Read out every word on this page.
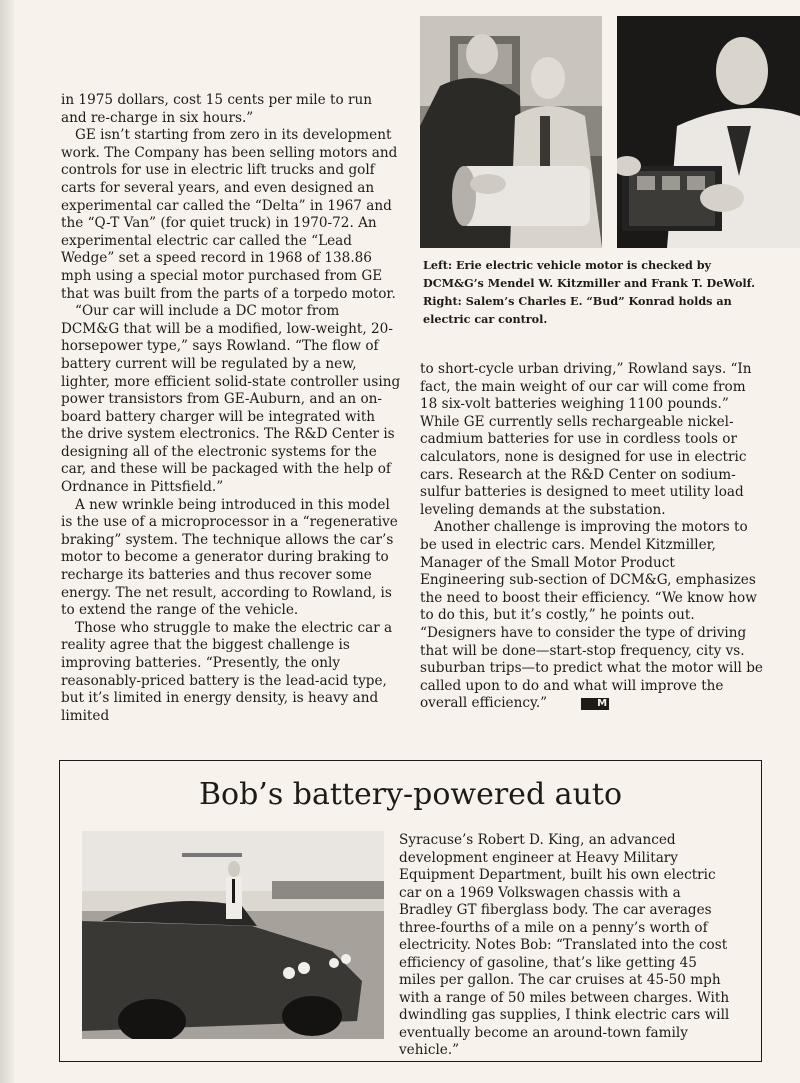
in 1975 dollars, cost 15 cents per mile to run and re-charge in six hours.”

GE isn’t starting from zero in its development work. The Company has been selling motors and controls for use in electric lift trucks and golf carts for several years, and even designed an experimental car called the “Delta” in 1967 and the “Q-T Van” (for quiet truck) in 1970-72. An experimental electric car called the “Lead Wedge” set a speed record in 1968 of 138.86 mph using a special motor purchased from GE that was built from the parts of a torpedo motor.

“Our car will include a DC motor from DCM&G that will be a modified, low-weight, 20-horsepower type,” says Rowland. “The flow of battery current will be regulated by a new, lighter, more efficient solid-state controller using power transistors from GE-Auburn, and an on-board battery charger will be integrated with the drive system electronics. The R&D Center is designing all of the electronic systems for the car, and these will be packaged with the help of Ordnance in Pittsfield.”

A new wrinkle being introduced in this model is the use of a microprocessor in a “regenerative braking” system. The technique allows the car’s motor to become a generator during braking to recharge its batteries and thus recover some energy. The net result, according to Rowland, is to extend the range of the vehicle.

Those who struggle to make the electric car a reality agree that the biggest challenge is improving batteries. “Presently, the only reasonably-priced battery is the lead-acid type, but it’s limited in energy density, is heavy and limited

Left: Erie electric vehicle motor is checked by DCM&G’s Mendel W. Kitzmiller and Frank T. DeWolf. Right: Salem’s Charles E. “Bud” Konrad holds an electric car control.

to short-cycle urban driving,” Rowland says. “In fact, the main weight of our car will come from 18 six-volt batteries weighing 1100 pounds.” While GE currently sells rechargeable nickel-cadmium batteries for use in cordless tools or calculators, none is designed for use in electric cars. Research at the R&D Center on sodium-sulfur batteries is designed to meet utility load leveling demands at the substation.

Another challenge is improving the motors to be used in electric cars. Mendel Kitzmiller, Manager of the Small Motor Product Engineering sub-section of DCM&G, emphasizes the need to boost their efficiency. “We know how to do this, but it’s costly,” he points out. “Designers have to consider the type of driving that will be done—start-stop frequency, city vs. suburban trips—to predict what the motor will be called upon to do and what will improve the overall efficiency.”	M

Bob’s battery-powered auto

Syracuse’s Robert D. King, an advanced development engineer at Heavy Military Equipment Department, built his own electric car on a 1969 Volkswagen chassis with a Bradley GT fiberglass body. The car averages three-fourths of a mile on a penny’s worth of electricity. Notes Bob: “Translated into the cost efficiency of gasoline, that’s like getting 45 miles per gallon. The car cruises at 45-50 mph with a range of 50 miles between charges. With dwindling gas supplies, I think electric cars will eventually become an around-town family vehicle.”
